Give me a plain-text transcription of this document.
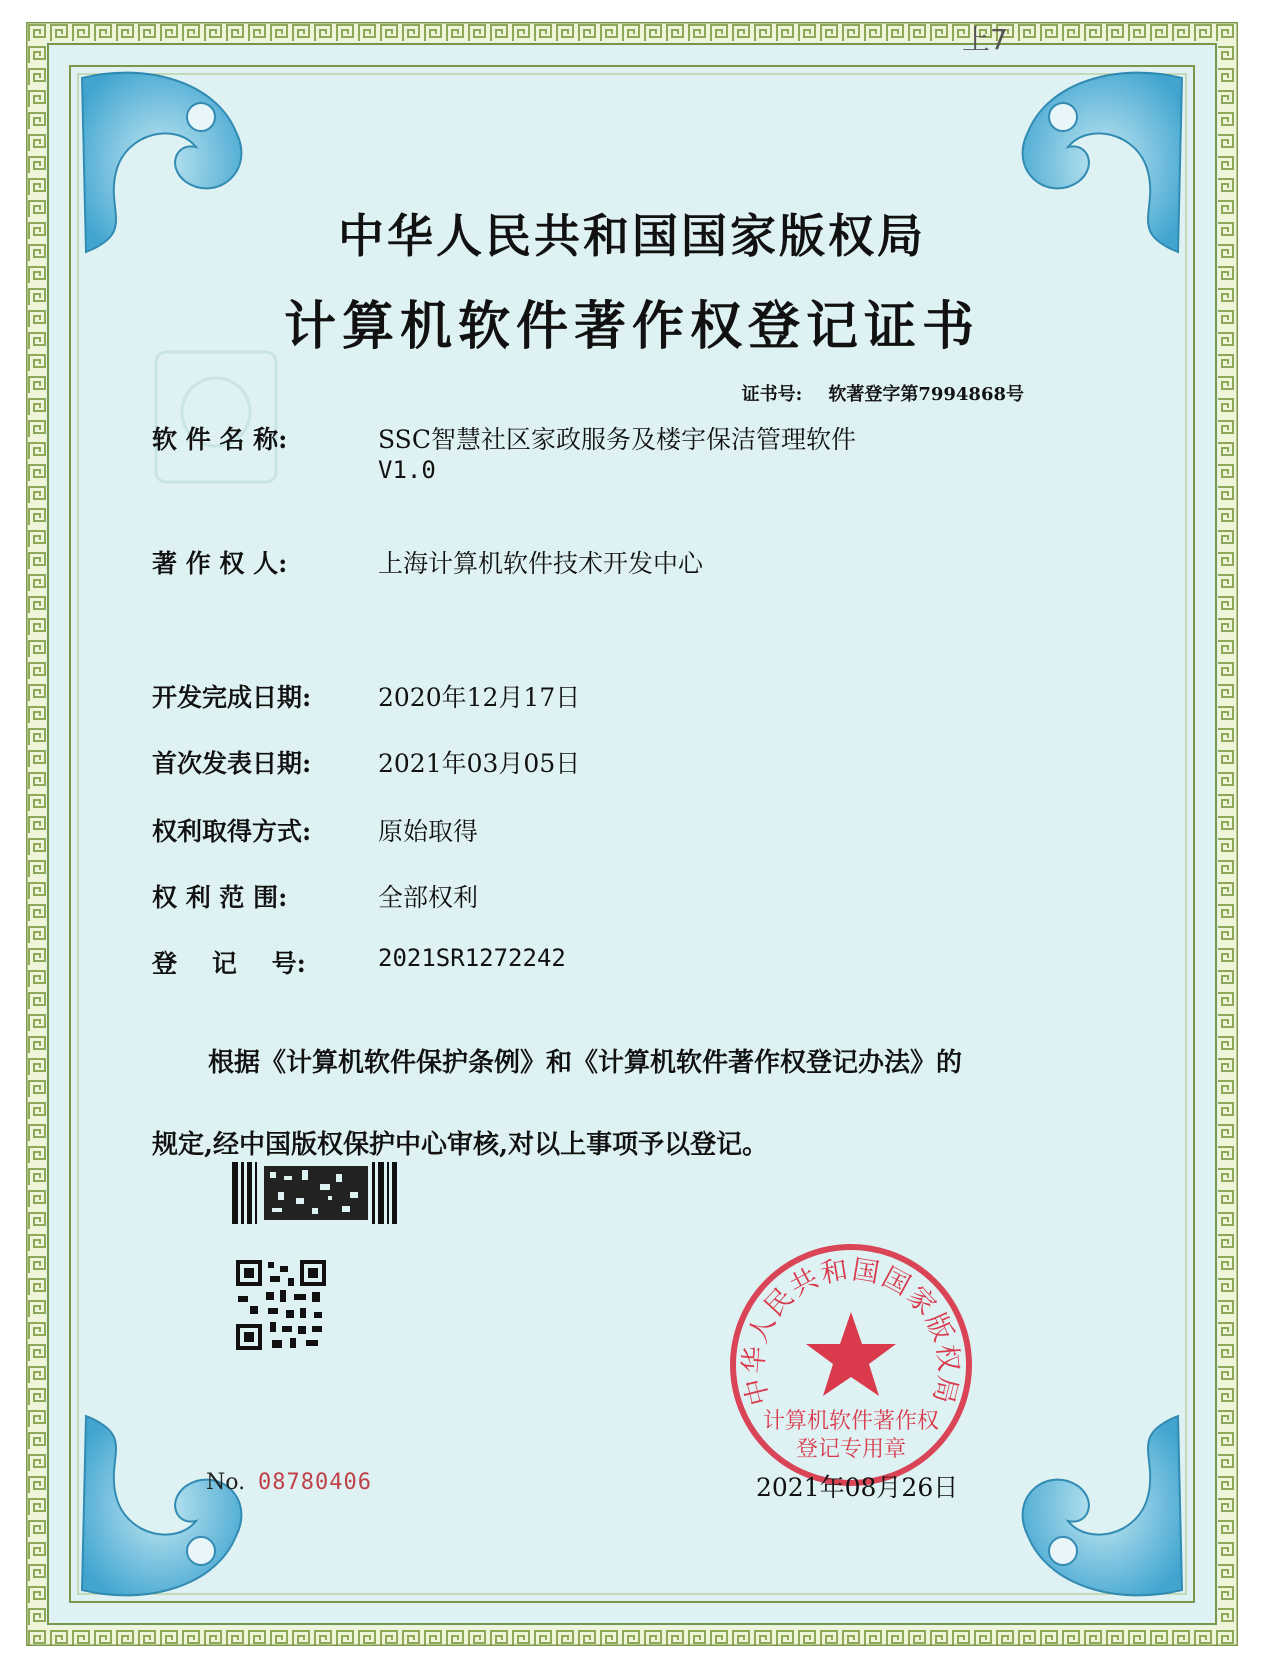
上7
中华人民共和国国家版权局
计算机软件著作权登记证书
证书号: 软著登字第7994868号
软 件 名 称:	SSC智慧社区家政服务及楼宇保洁管理软件
V1.0
著 作 权 人:	上海计算机软件技术开发中心
开发完成日期:	2020年12月17日
首次发表日期:	2021年03月05日
权利取得方式:	原始取得
权 利 范 围:	全部权利
登    记    号:	2021SR1272242
根据《计算机软件保护条例》和《计算机软件著作权登记办法》的
规定,经中国版权保护中心审核,对以上事项予以登记。
No. 08780406
中华人民共和国国家版权局
计算机软件著作权
登记专用章
2021年08月26日
